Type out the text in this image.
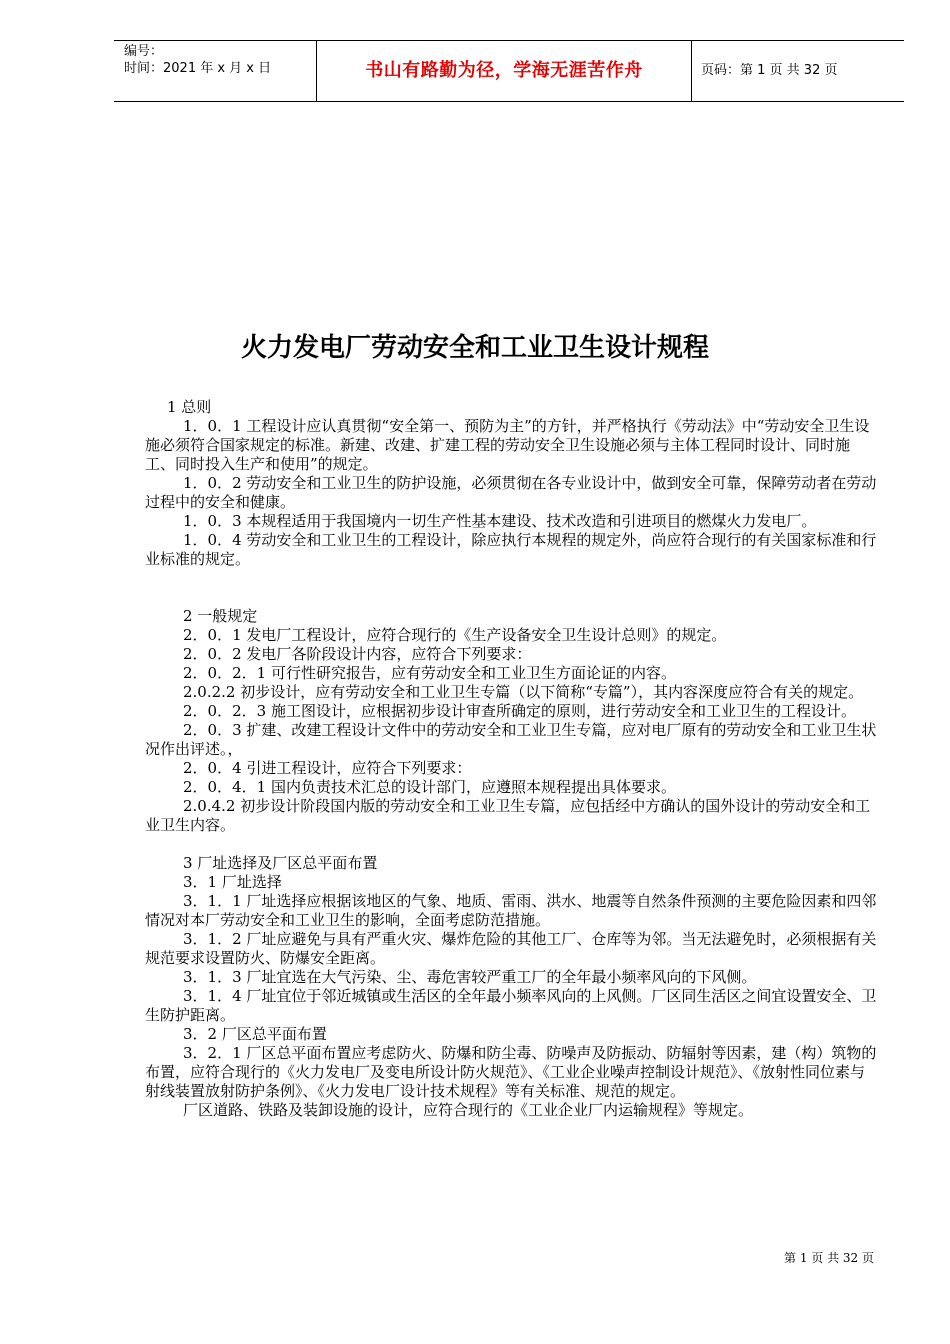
编号：
时间：2021 年 x 月 x 日	书山有路勤为径，学海无涯苦作舟	页码：第 1 页 共 32 页
火力发电厂劳动安全和工业卫生设计规程

1 总则

1．0．1 工程设计应认真贯彻“安全第一、预防为主”的方针，并严格执行《劳动法》中“劳动安全卫生设施必须符合国家规定的标准。新建、改建、扩建工程的劳动安全卫生设施必须与主体工程同时设计、同时施工、同时投入生产和使用”的规定。

1．0．2 劳动安全和工业卫生的防护设施，必须贯彻在各专业设计中，做到安全可靠，保障劳动者在劳动过程中的安全和健康。

1．0．3 本规程适用于我国境内一切生产性基本建设、技术改造和引进项目的燃煤火力发电厂。

1．0．4 劳动安全和工业卫生的工程设计，除应执行本规程的规定外，尚应符合现行的有关国家标准和行业标准的规定。

2 一般规定

2．0．1 发电厂工程设计，应符合现行的《生产设备安全卫生设计总则》的规定。

2．0．2 发电厂各阶段设计内容，应符合下列要求：

2．0．2．1 可行性研究报告，应有劳动安全和工业卫生方面论证的内容。

2.0.2.2 初步设计，应有劳动安全和工业卫生专篇（以下简称“专篇”），其内容深度应符合有关的规定。

2．0．2．3 施工图设计，应根据初步设计审查所确定的原则，进行劳动安全和工业卫生的工程设计。

2．0．3 扩建、改建工程设计文件中的劳动安全和工业卫生专篇，应对电厂原有的劳动安全和工业卫生状况作出评述。，

2．0．4 引进工程设计，应符合下列要求：

2．0．4．1 国内负责技术汇总的设计部门，应遵照本规程提出具体要求。

2.0.4.2 初步设计阶段国内版的劳动安全和工业卫生专篇，应包括经中方确认的国外设计的劳动安全和工业卫生内容。

3 厂址选择及厂区总平面布置

3．1 厂址选择

3．1．1 厂址选择应根据该地区的气象、地质、雷雨、洪水、地震等自然条件预测的主要危险因素和四邻情况对本厂劳动安全和工业卫生的影响，全面考虑防范措施。

3．1．2 厂址应避免与具有严重火灾、爆炸危险的其他工厂、仓库等为邻。当无法避免时，必须根据有关规范要求设置防火、防爆安全距离。

3．1．3 厂址宜选在大气污染、尘、毒危害较严重工厂的全年最小频率风向的下风侧。

3．1．4 厂址宜位于邻近城镇或生活区的全年最小频率风向的上风侧。厂区同生活区之间宜设置安全、卫生防护距离。

3．2 厂区总平面布置

3．2．1 厂区总平面布置应考虑防火、防爆和防尘毒、防噪声及防振动、防辐射等因素，建（构）筑物的布置，应符合现行的《火力发电厂及变电所设计防火规范》、《工业企业噪声控制设计规范》、《放射性同位素与射线装置放射防护条例》、《火力发电厂设计技术规程》等有关标准、规范的规定。

厂区道路、铁路及装卸设施的设计，应符合现行的《工业企业厂内运输规程》等规定。

第 1 页 共 32 页
